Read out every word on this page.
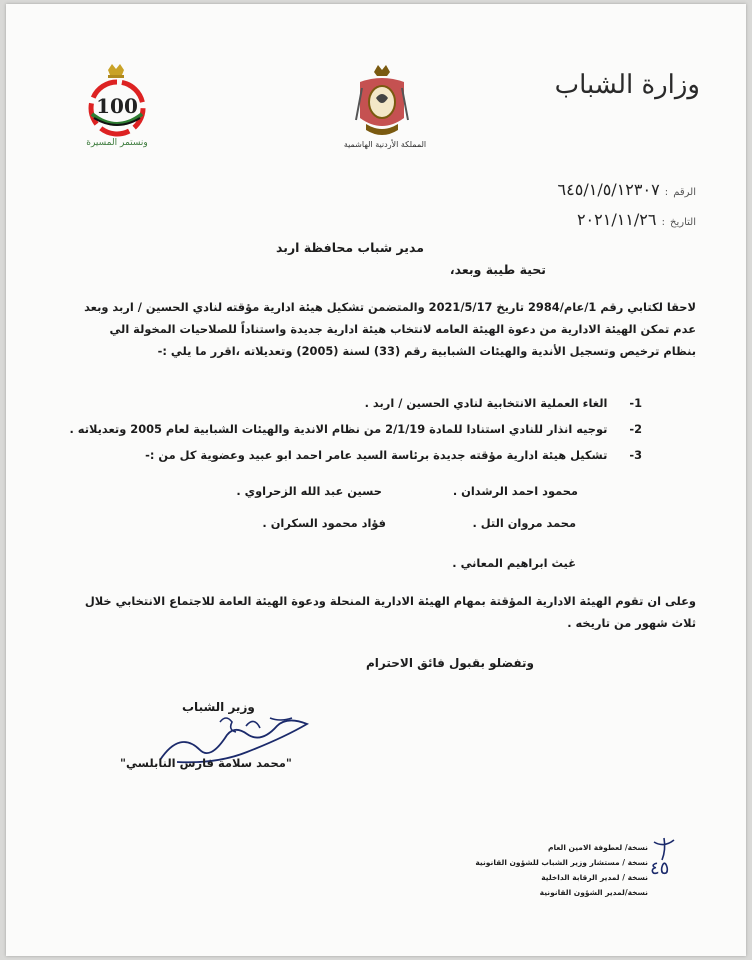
100
ونستمر المسيرة	المملكة الأردنية الهاشمية
وزارة الشباب
الرقم : ٦٤٥/١/٥/١٢٣٠٧
التاريخ : ٢٠٢١/١١/٢٦
مدير شباب محافظة اربد
تحية طيبة وبعد،
لاحقا لكتابي رقم 1/عام/2984 تاريخ 2021/5/17 والمتضمن تشكيل هيئة ادارية مؤقته لنادي الحسين / اربد وبعد
عدم تمكن الهيئة الادارية من دعوة الهيئة العامه لانتخاب هيئة ادارية جديدة واستناداً للصلاحيات المخولة الي
بنظام ترخيص وتسجيل الأندية والهيئات الشبابية رقم (33) لسنة (2005) وتعديلاته ،اقرر ما يلي :-
1-  الغاء العملية الانتخابية لنادي الحسين / اربد .
2-  توجيه انذار للنادي استنادا للمادة 2/1/19 من نظام الاندية والهيئات الشبابية لعام 2005 وتعديلاته .
3-  تشكيل هيئة ادارية مؤقته جديدة برئاسة السيد عامر احمد ابو عبيد وعضوية كل من :-
محمود احمد الرشدان .
حسين عبد الله الزحراوي .
محمد مروان التل .
فؤاد محمود السكران .
غيث ابراهيم المعاني .
وعلى ان تقوم الهيئة الادارية المؤقتة بمهام الهيئة الادارية المنحلة ودعوة الهيئة العامة للاجتماع الانتخابي خلال
ثلاث شهور من تاريخه .
وتفضلو بقبول فائق الاحترام
وزير الشباب
"محمد سلامة فارس النابلسي"
نسخة/ لعطوفة الامين العام
نسخة / مستشار وزير الشباب للشؤون القانونية
نسخة / لمدير الرقابة الداخلية
نسخة/لمدير الشؤون القانونية
٤٥
